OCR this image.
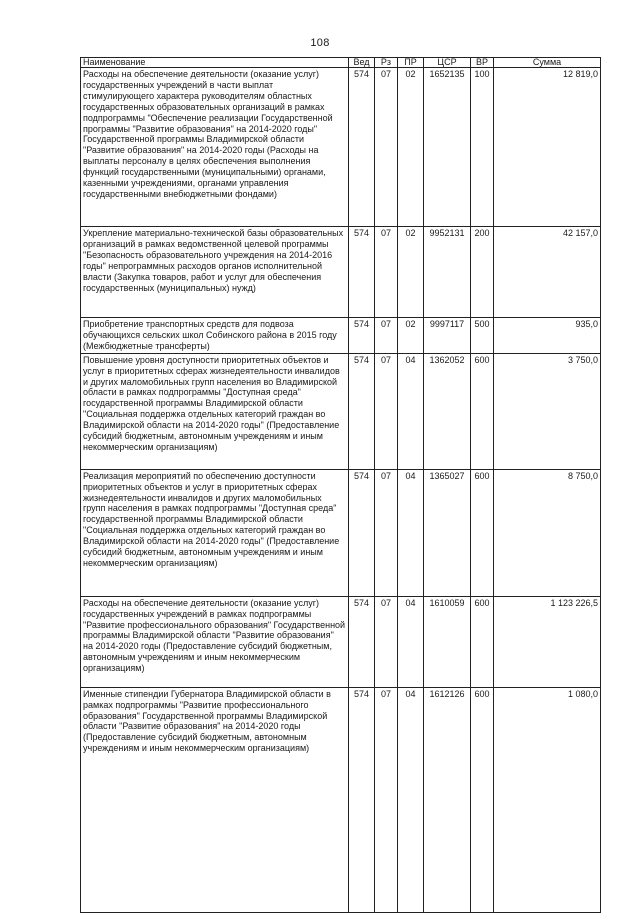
108
Наименование	Вед	Рз	ПР	ЦСР	ВР	Сумма
Расходы на обеспечение деятельности (оказание услуг) государственных учреждений в части выплат стимулирующего характера руководителям областных государственных образовательных организаций в рамках подпрограммы "Обеспечение реализации Государственной программы "Развитие образования" на 2014-2020 годы" Государственной программы Владимирской области "Развитие образования" на 2014-2020 годы (Расходы на выплаты персоналу в целях обеспечения выполнения функций государственными (муниципальными) органами, казенными учреждениями, органами управления государственными внебюджетными фондами)	574	07	02	1652135	100	12 819,0
Укрепление материально-технической базы образовательных организаций в рамках ведомственной целевой программы "Безопасность образовательного учреждения на 2014-2016 годы" непрограммных расходов органов исполнительной власти (Закупка товаров, работ и услуг для обеспечения государственных (муниципальных) нужд)	574	07	02	9952131	200	42 157,0
Приобретение транспортных средств для подвоза обучающихся сельских школ Собинского района в 2015 году (Межбюджетные трансферты)	574	07	02	9997117	500	935,0
Повышение уровня доступности приоритетных объектов и услуг в приоритетных сферах жизнедеятельности инвалидов и других маломобильных групп населения во Владимирской области в рамках подпрограммы "Доступная среда" государственной программы Владимирской области "Социальная поддержка отдельных категорий граждан во Владимирской области на 2014-2020 годы" (Предоставление субсидий бюджетным, автономным учреждениям и иным некоммерческим организациям)	574	07	04	1362052	600	3 750,0
Реализация мероприятий по обеспечению доступности приоритетных объектов и услуг в приоритетных сферах жизнедеятельности инвалидов и других маломобильных групп населения в рамках подпрограммы "Доступная среда" государственной программы Владимирской области "Социальная поддержка отдельных категорий граждан во Владимирской области на 2014-2020 годы" (Предоставление субсидий бюджетным, автономным учреждениям и иным некоммерческим организациям)	574	07	04	1365027	600	8 750,0
Расходы на обеспечение деятельности (оказание услуг) государственных учреждений в рамках подпрограммы "Развитие профессионального образования" Государственной программы Владимирской области "Развитие образования" на 2014-2020 годы (Предоставление субсидий бюджетным, автономным учреждениям и иным некоммерческим организациям)	574	07	04	1610059	600	1 123 226,5
Именные стипендии Губернатора Владимирской области в рамках подпрограммы "Развитие профессионального образования" Государственной программы Владимирской области "Развитие образования" на 2014-2020 годы (Предоставление субсидий бюджетным, автономным учреждениям и иным некоммерческим организациям)	574	07	04	1612126	600	1 080,0
